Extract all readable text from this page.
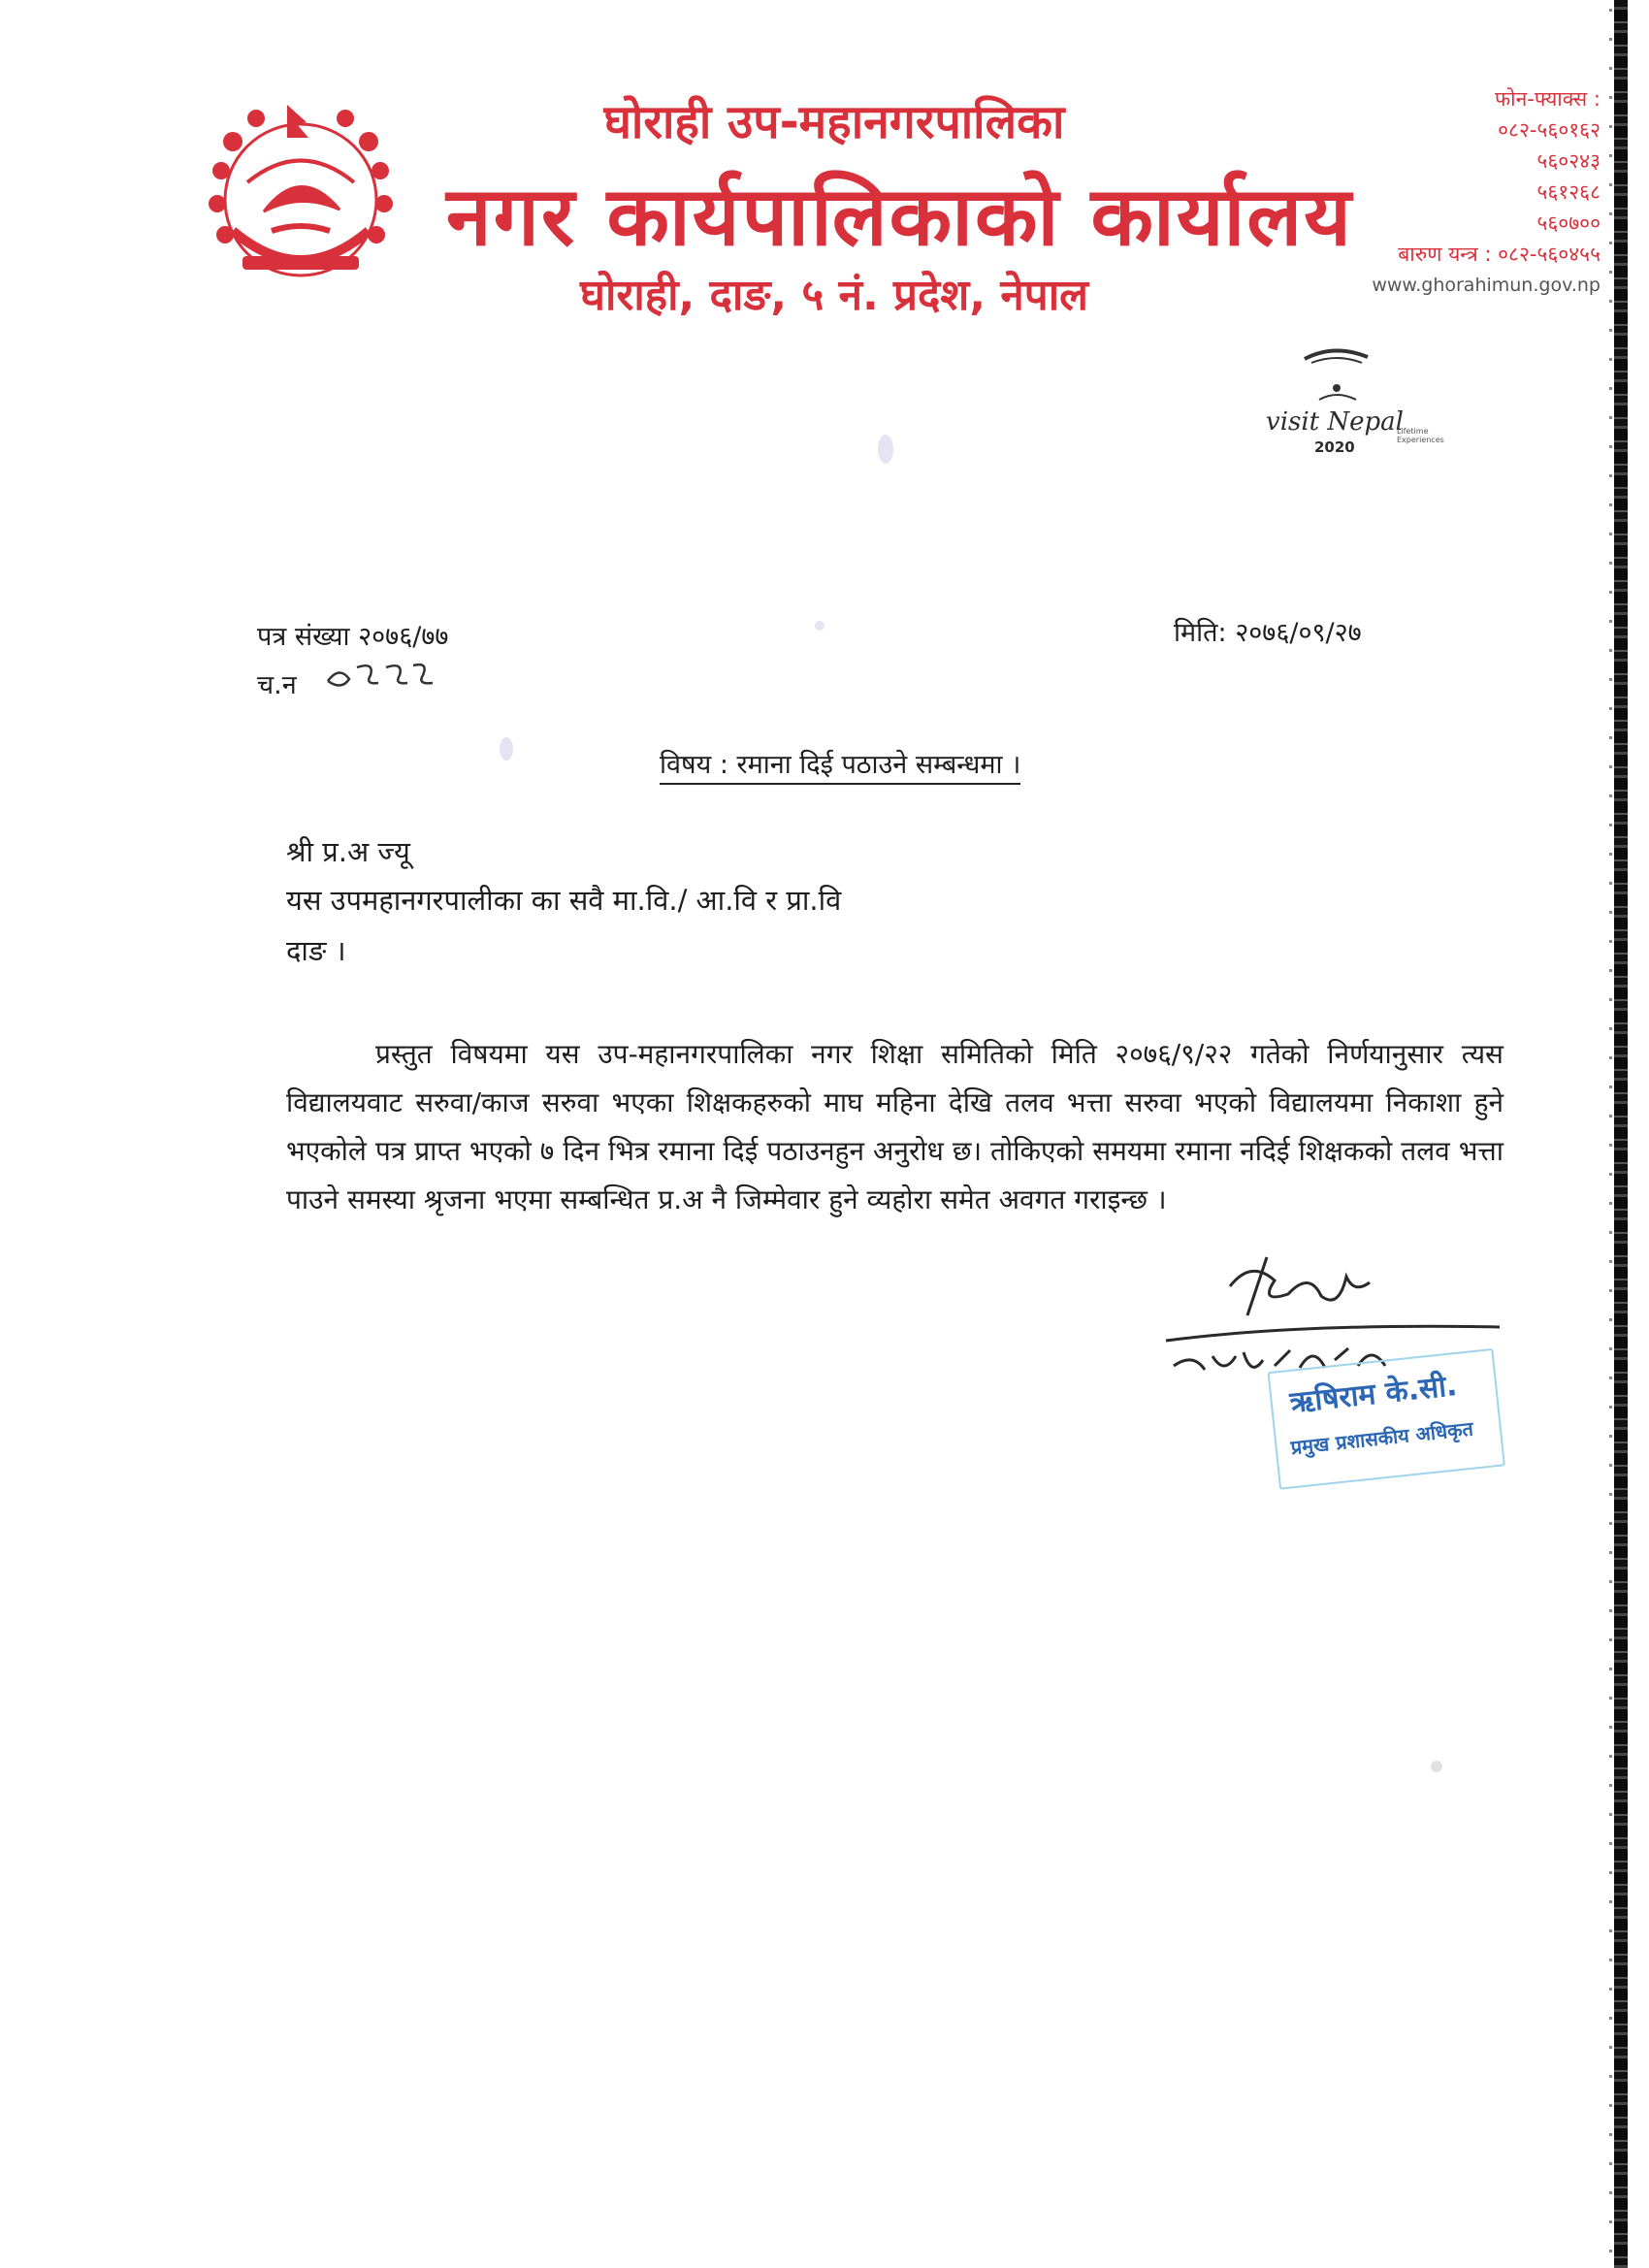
घोराही उप-महानगरपालिका
नगर कार्यपालिकाको कार्यालय
घोराही, दाङ, ५ नं. प्रदेश, नेपाल
फोन-फ्याक्स :
०८२-५६०१६२
५६०२४३
५६१२६८
५६०७००
बारुण यन्त्र : ०८२-५६०४५५
www.ghorahimun.gov.np
visit Nepal
2020
Lifetime Experiences
पत्र संख्या २०७६/७७	मिति: २०७६/०९/२७
च.न
विषय : रमाना दिई पठाउने सम्बन्धमा ।
श्री प्र.अ ज्यू
यस उपमहानगरपालीका का सवै मा.वि./ आ.वि र प्रा.वि
दाङ ।

प्रस्तुत विषयमा यस उप-महानगरपालिका नगर शिक्षा समितिको मिति २०७६/९/२२ गतेको निर्णयानुसार त्यस विद्यालयवाट सरुवा/काज सरुवा भएका शिक्षकहरुको माघ महिना देखि तलव भत्ता सरुवा भएको विद्यालयमा निकाशा हुने भएकोले पत्र प्राप्त भएको ७ दिन भित्र रमाना दिई पठाउनहुन अनुरोध छ। तोकिएको समयमा रमाना नदिई शिक्षकको तलव भत्ता पाउने समस्या श्रृजना भएमा सम्बन्धित प्र.अ नै जिम्मेवार हुने व्यहोरा समेत अवगत गराइन्छ ।

ऋषिराम के.सी.
प्रमुख प्रशासकीय अधिकृत
